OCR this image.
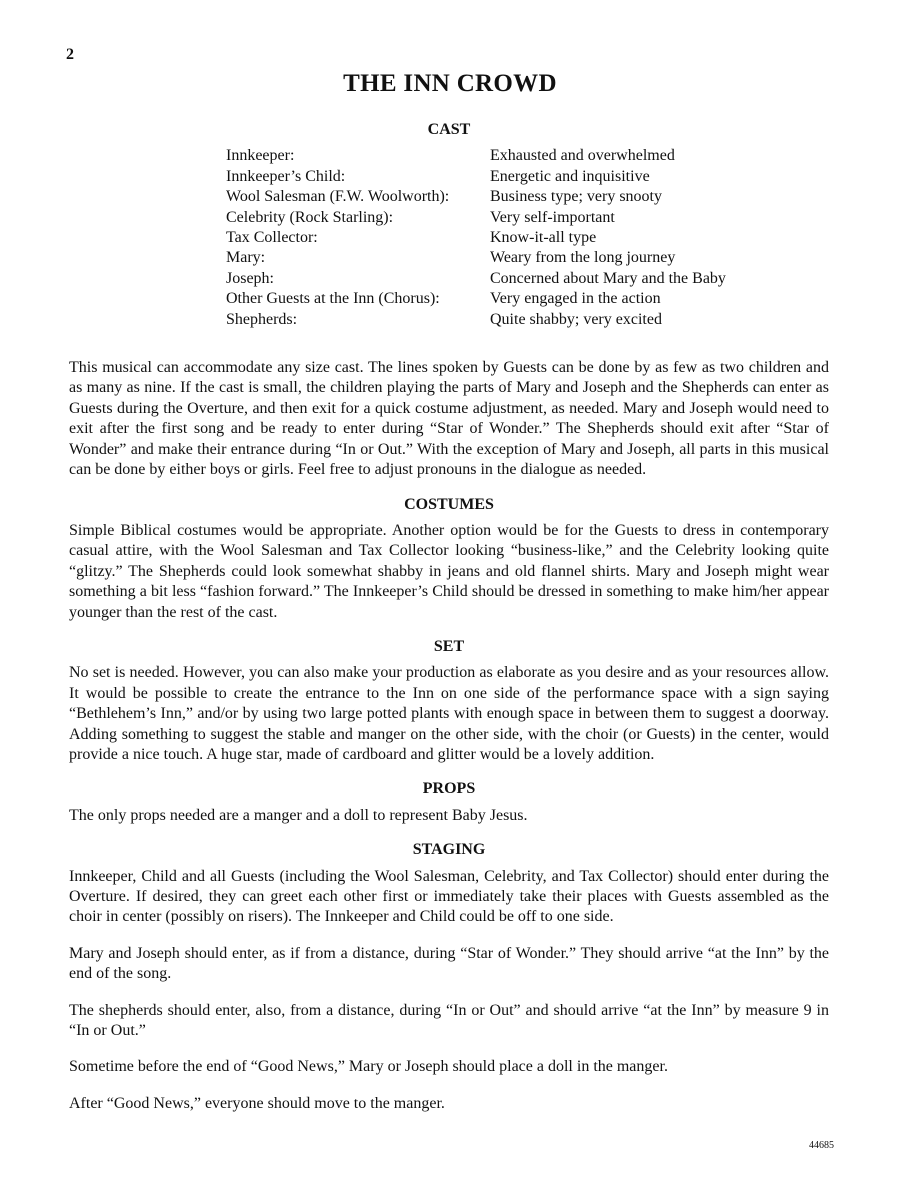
2
THE INN CROWD
CAST
Innkeeper:	Exhausted and overwhelmed
Innkeeper’s Child:	Energetic and inquisitive
Wool Salesman (F.W. Woolworth):	Business type; very snooty
Celebrity (Rock Starling):	Very self-important
Tax Collector:	Know-it-all type
Mary:	Weary from the long journey
Joseph:	Concerned about Mary and the Baby
Other Guests at the Inn (Chorus):	Very engaged in the action
Shepherds:	Quite shabby; very excited

This musical can accommodate any size cast. The lines spoken by Guests can be done by as few as two children and as many as nine. If the cast is small, the children playing the parts of Mary and Joseph and the Shepherds can enter as Guests during the Overture, and then exit for a quick costume adjustment, as needed. Mary and Joseph would need to exit after the first song and be ready to enter during “Star of Wonder.” The Shepherds should exit after “Star of Wonder” and make their entrance during “In or Out.” With the exception of Mary and Joseph, all parts in this musical can be done by either boys or girls. Feel free to adjust pronouns in the dialogue as needed.

COSTUMES

Simple Biblical costumes would be appropriate. Another option would be for the Guests to dress in contemporary casual attire, with the Wool Salesman and Tax Collector looking “business-like,” and the Celebrity looking quite “glitzy.” The Shepherds could look somewhat shabby in jeans and old flannel shirts. Mary and Joseph might wear something a bit less “fashion forward.” The Innkeeper’s Child should be dressed in something to make him/her appear younger than the rest of the cast.

SET

No set is needed. However, you can also make your production as elaborate as you desire and as your resources allow. It would be possible to create the entrance to the Inn on one side of the performance space with a sign saying “Bethlehem’s Inn,” and/or by using two large potted plants with enough space in between them to suggest a doorway. Adding something to suggest the stable and manger on the other side, with the choir (or Guests) in the center, would provide a nice touch. A huge star, made of cardboard and glitter would be a lovely addition.

PROPS

The only props needed are a manger and a doll to represent Baby Jesus.

STAGING

Innkeeper, Child and all Guests (including the Wool Salesman, Celebrity, and Tax Collector) should enter during the Overture. If desired, they can greet each other first or immediately take their places with Guests assembled as the choir in center (possibly on risers). The Innkeeper and Child could be off to one side.

Mary and Joseph should enter, as if from a distance, during “Star of Wonder.” They should arrive “at the Inn” by the end of the song.

The shepherds should enter, also, from a distance, during “In or Out” and should arrive “at the Inn” by measure 9 in “In or Out.”

Sometime before the end of “Good News,” Mary or Joseph should place a doll in the manger.

After “Good News,” everyone should move to the manger.

44685
